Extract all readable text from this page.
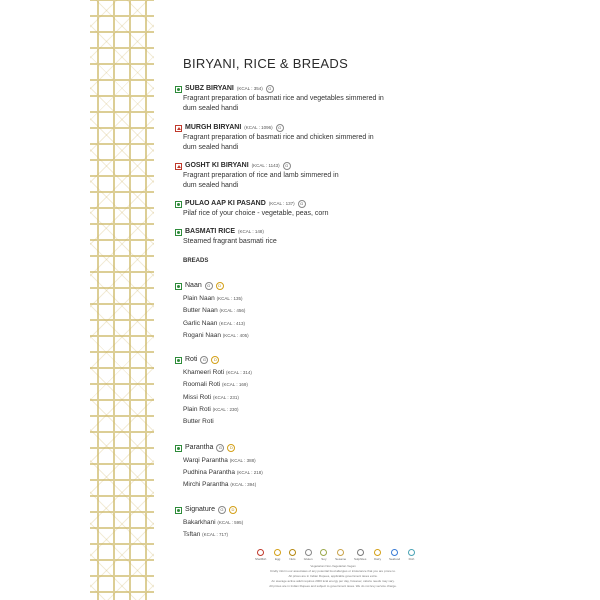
BIRYANI, RICE & BREADS
SUBZ BIRYANI (KCAL : 354)	G
Fragrant preparation of basmati rice and vegetables simmered in
dum sealed handi
MURGH BIRYANI (KCAL : 1096)	G
Fragrant preparation of basmati rice and chicken simmered in
dum sealed handi
GOSHT KI BIRYANI (KCAL : 1143)	G
Fragrant preparation of rice and lamb simmered in
dum sealed handi
PULAO AAP KI PASAND (KCAL : 137)	G
Pilaf rice of your choice - vegetable, peas, corn
BASMATI RICE (KCAL : 148)
Steamed fragrant basmati rice
BREADS
Naan	G	D
Plain Naan (KCAL : 135)
Butter Naan (KCAL : 456)
Garlic Naan (KCAL : 413)
Rogani Naan (KCAL : 405)
Roti	G	D
Khameeri Roti (KCAL : 314)
Roomali Roti (KCAL : 169)
Missi Roti (KCAL : 231)
Plain Roti (KCAL : 230)
Butter Roti
Parantha	G	D
Warqi Parantha (KCAL : 388)
Pudhina Parantha (KCAL : 218)
Mirchi Parantha (KCAL : 394)
Signature	G	D
Bakarkhani (KCAL : 595)
Tsftan (KCAL : 717)
Shellfish	Egg	Nuts	Gluten	Soy	Sesame	Sulphites	Dairy	Seafood	Fish
Vegetarian Non-Vegetarian Vegan
Kindly inform our associates of any potential food allergies or intolerance that you are prone to.
All prices are in Indian Rupees, applicable government taxes extra.
An average active adult requires 2000 kcal energy per day, however, calorie needs may vary.
All prices are in Indian Rupees and subject to government taxes. We do not levy service charge.
